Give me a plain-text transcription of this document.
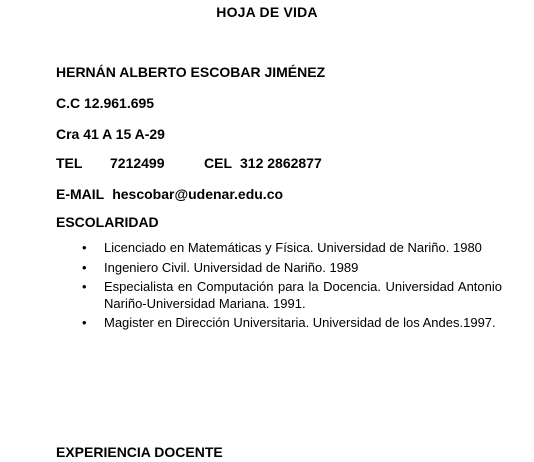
HOJA DE VIDA
HERNÁN ALBERTO ESCOBAR JIMÉNEZ
C.C 12.961.695
Cra 41 A 15 A-29
TEL 7212499	CEL 312 2862877
E-MAIL hescobar@udenar.edu.co
ESCOLARIDAD
• Licenciado en Matemáticas y Física. Universidad de Nariño. 1980
• Ingeniero Civil. Universidad de Nariño. 1989
• Especialista en Computación para la Docencia. Universidad Antonio Nariño-Universidad Mariana. 1991.
• Magister en Dirección Universitaria. Universidad de los Andes.1997.
EXPERIENCIA DOCENTE
